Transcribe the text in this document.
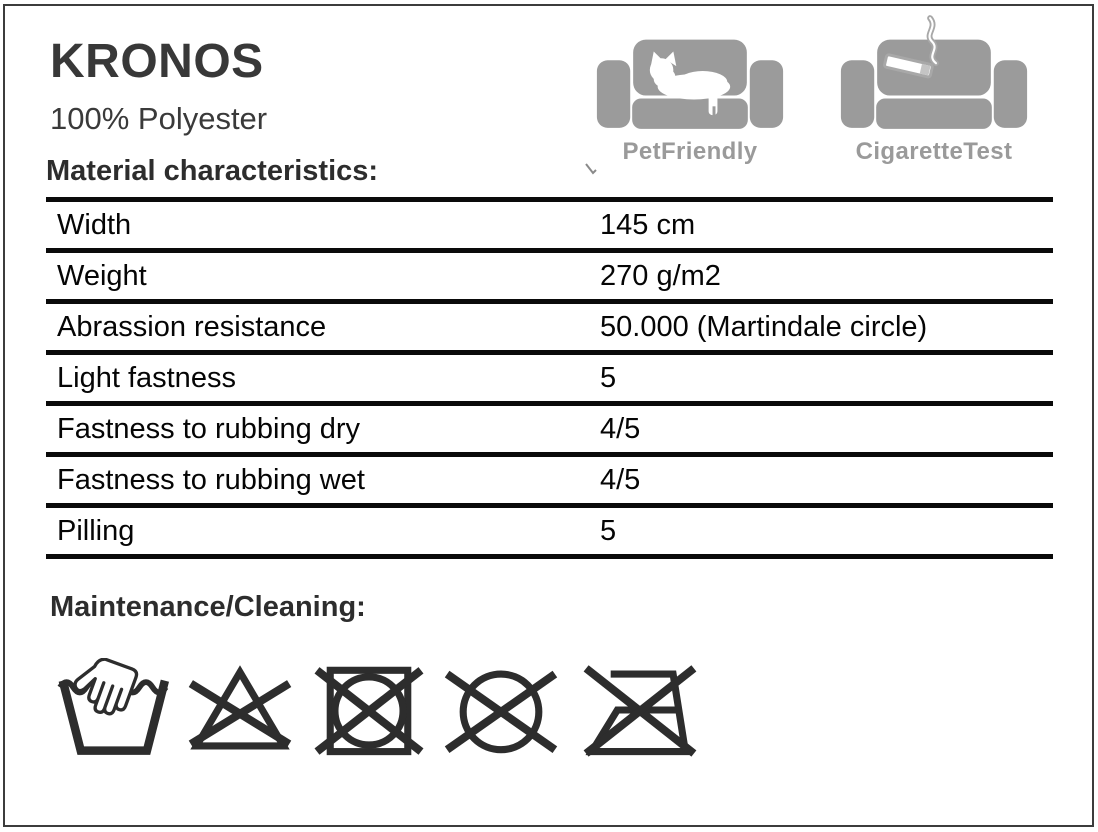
KRONOS
100% Polyester
PetFriendly	CigaretteTest
Material characteristics:
Width	145 cm
Weight	270 g/m2
Abrassion resistance	50.000 (Martindale circle)
Light fastness	5
Fastness to rubbing dry	4/5
Fastness to rubbing wet	4/5
Pilling	5
Maintenance/Cleaning:
